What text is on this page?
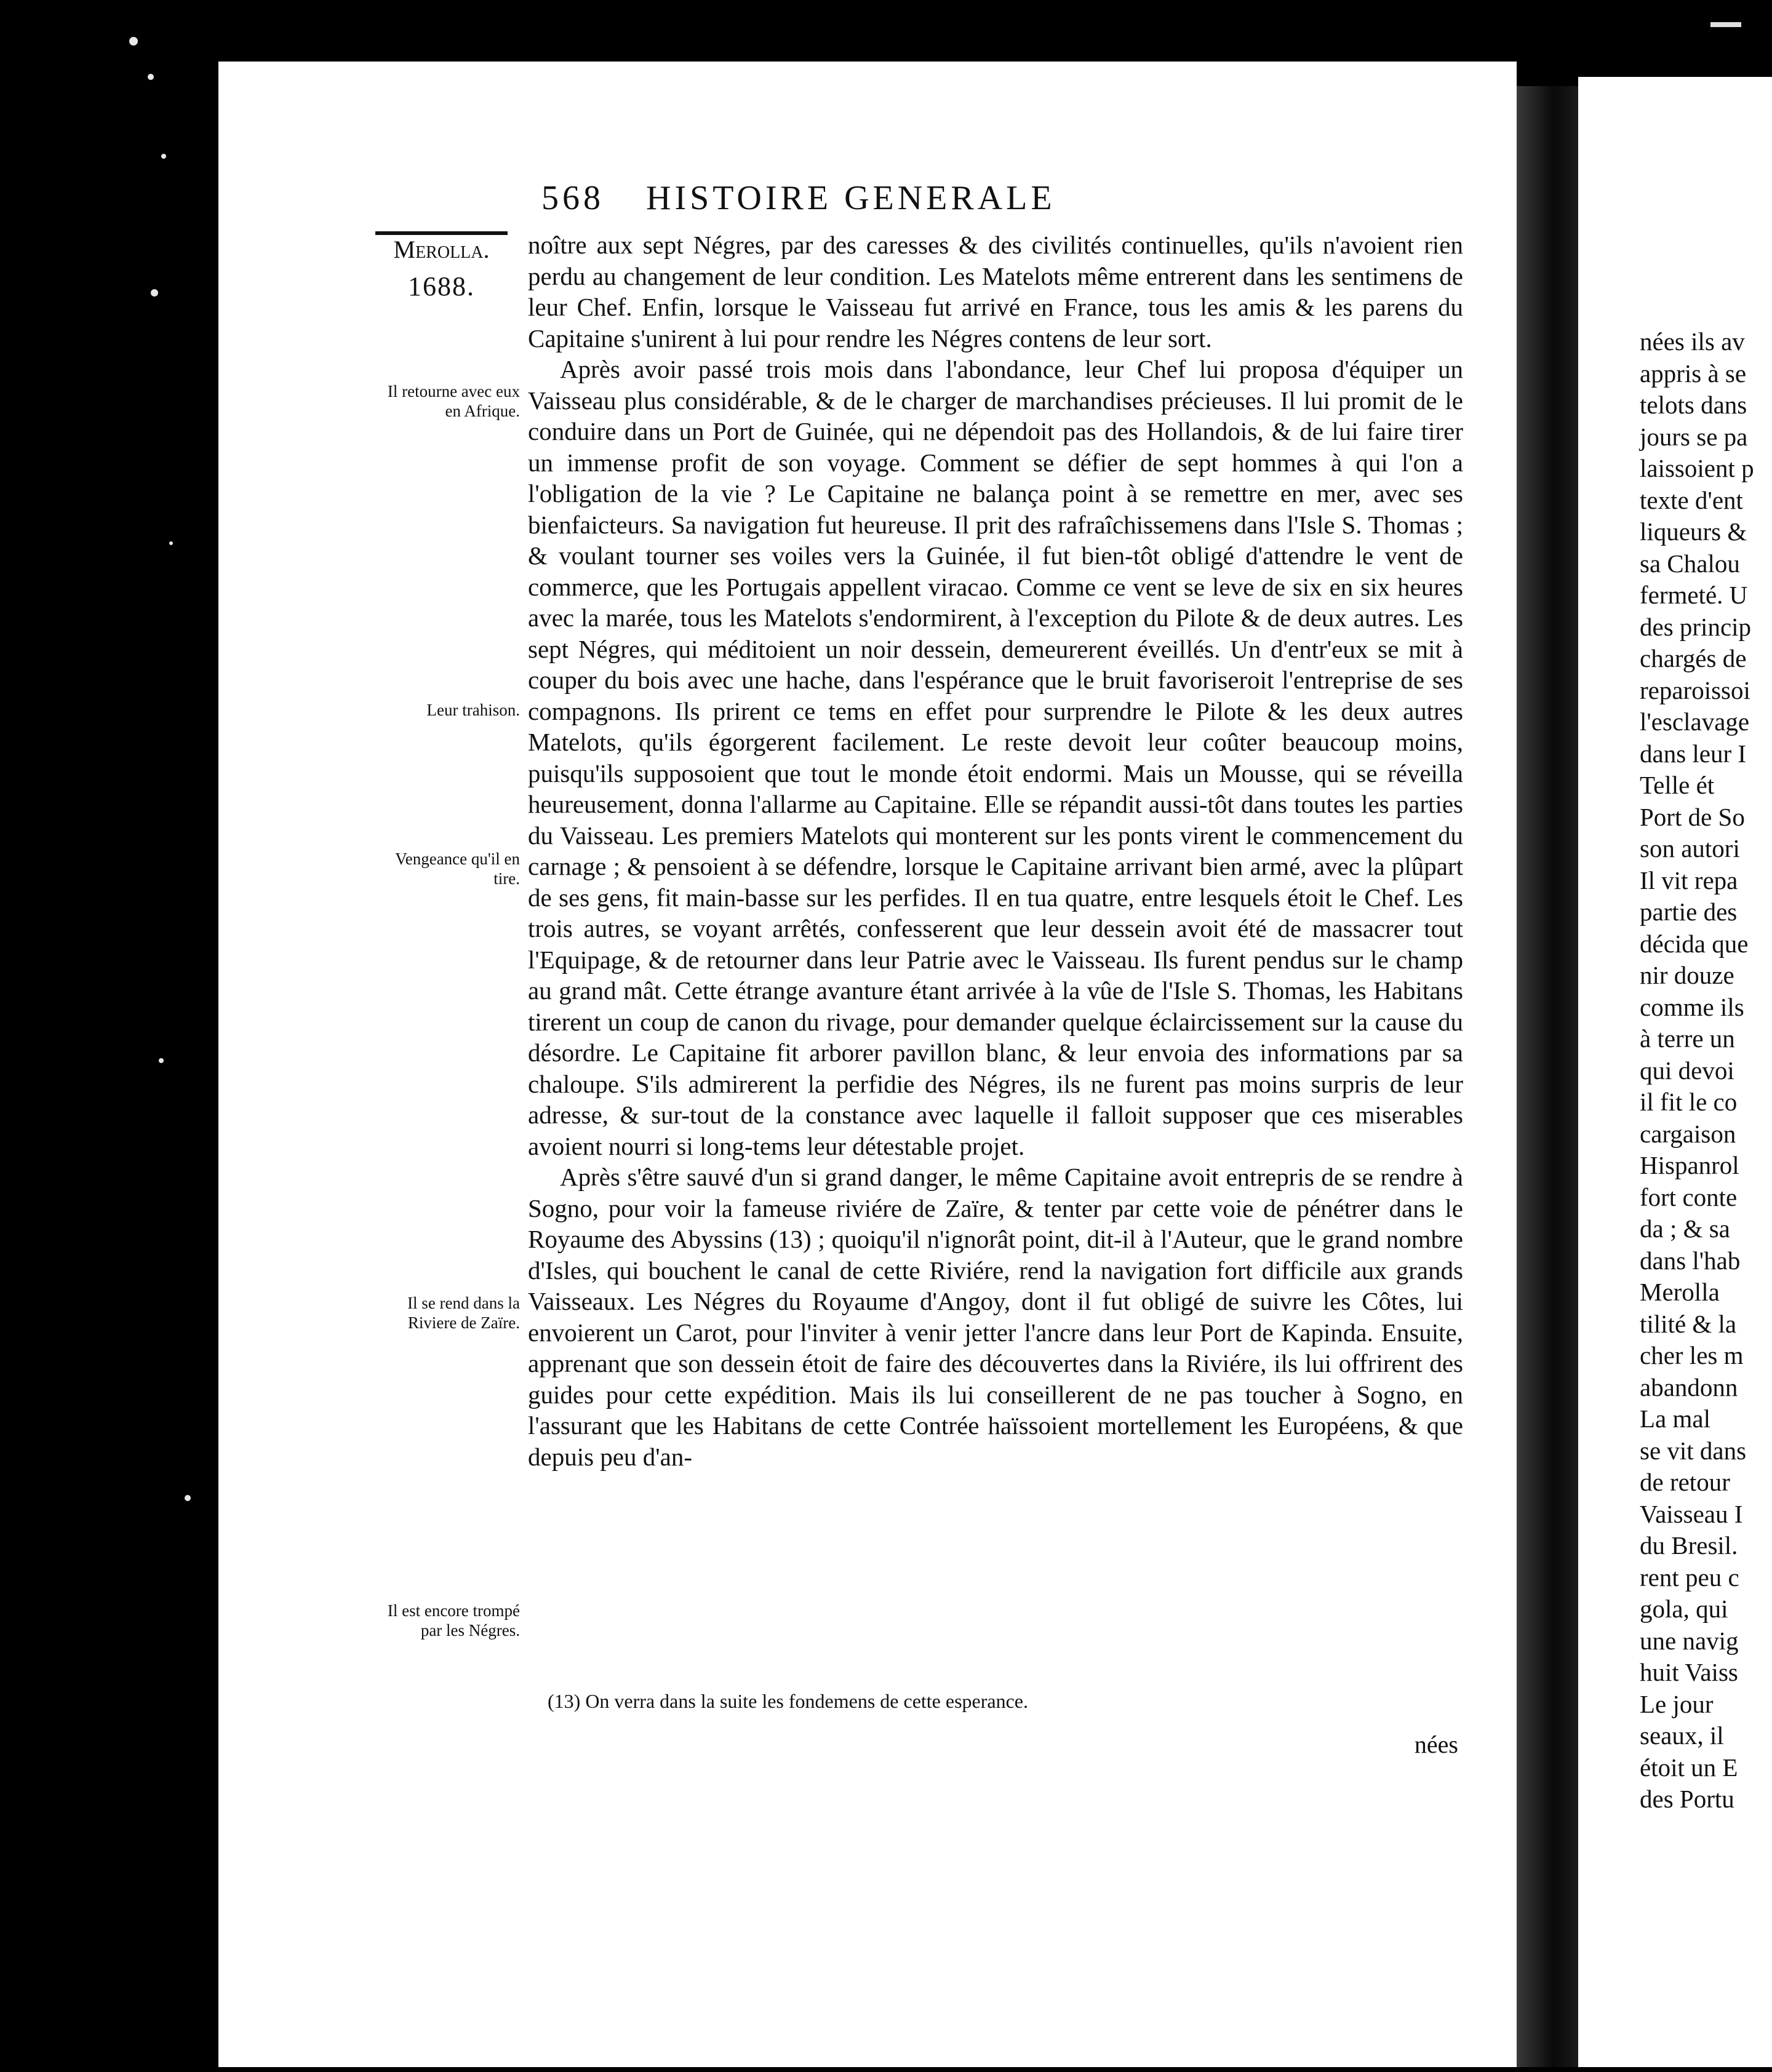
568 HISTOIRE GENERALE
Merolla.
1688.
Il retourne avec eux en Afrique.
Leur trahison.
Vengeance qu'il en tire.
Il se rend dans la Riviere de Zaïre.
Il est encore trompé par les Négres.

noître aux sept Négres, par des caresses & des civilités continuelles, qu'ils n'avoient rien perdu au changement de leur condition. Les Matelots même entrerent dans les sentimens de leur Chef. Enfin, lorsque le Vaisseau fut arrivé en France, tous les amis & les parens du Capitaine s'unirent à lui pour rendre les Négres contens de leur sort.

Après avoir passé trois mois dans l'abondance, leur Chef lui proposa d'équiper un Vaisseau plus considérable, & de le charger de marchandises précieuses. Il lui promit de le conduire dans un Port de Guinée, qui ne dépendoit pas des Hollandois, & de lui faire tirer un immense profit de son voyage. Comment se défier de sept hommes à qui l'on a l'obligation de la vie ? Le Capitaine ne balança point à se remettre en mer, avec ses bienfaicteurs. Sa navigation fut heureuse. Il prit des rafraîchissemens dans l'Isle S. Thomas ; & voulant tourner ses voiles vers la Guinée, il fut bien-tôt obligé d'attendre le vent de commerce, que les Portugais appellent viracao. Comme ce vent se leve de six en six heures avec la marée, tous les Matelots s'endormirent, à l'exception du Pilote & de deux autres. Les sept Négres, qui méditoient un noir dessein, demeurerent éveillés. Un d'entr'eux se mit à couper du bois avec une hache, dans l'espérance que le bruit favoriseroit l'entreprise de ses compagnons. Ils prirent ce tems en effet pour surprendre le Pilote & les deux autres Matelots, qu'ils égorgerent facilement. Le reste devoit leur coûter beaucoup moins, puisqu'ils supposoient que tout le monde étoit endormi. Mais un Mousse, qui se réveilla heureusement, donna l'allarme au Capitaine. Elle se répandit aussi-tôt dans toutes les parties du Vaisseau. Les premiers Matelots qui monterent sur les ponts virent le commencement du carnage ; & pensoient à se défendre, lorsque le Capitaine arrivant bien armé, avec la plûpart de ses gens, fit main-basse sur les perfides. Il en tua quatre, entre lesquels étoit le Chef. Les trois autres, se voyant arrêtés, confesserent que leur dessein avoit été de massacrer tout l'Equipage, & de retourner dans leur Patrie avec le Vaisseau. Ils furent pendus sur le champ au grand mât. Cette étrange avanture étant arrivée à la vûe de l'Isle S. Thomas, les Habitans tirerent un coup de canon du rivage, pour demander quelque éclaircissement sur la cause du désordre. Le Capitaine fit arborer pavillon blanc, & leur envoia des informations par sa chaloupe. S'ils admirerent la perfidie des Négres, ils ne furent pas moins surpris de leur adresse, & sur-tout de la constance avec laquelle il falloit supposer que ces miserables avoient nourri si long-tems leur détestable projet.

Après s'être sauvé d'un si grand danger, le même Capitaine avoit entrepris de se rendre à Sogno, pour voir la fameuse riviére de Zaïre, & tenter par cette voie de pénétrer dans le Royaume des Abyssins (13) ; quoiqu'il n'ignorât point, dit-il à l'Auteur, que le grand nombre d'Isles, qui bouchent le canal de cette Riviére, rend la navigation fort difficile aux grands Vaisseaux. Les Négres du Royaume d'Angoy, dont il fut obligé de suivre les Côtes, lui envoierent un Carot, pour l'inviter à venir jetter l'ancre dans leur Port de Kapinda. Ensuite, apprenant que son dessein étoit de faire des découvertes dans la Riviére, ils lui offrirent des guides pour cette expédition. Mais ils lui conseillerent de ne pas toucher à Sogno, en l'assurant que les Habitans de cette Contrée haïssoient mortellement les Européens, & que depuis peu d'an-

(13) On verra dans la suite les fondemens de cette esperance.
nées
nées ils av
appris à se
telots dans
jours se pa
laissoient p
texte d'ent
liqueurs &
sa Chalou
fermeté. U
des princip
chargés de
reparoissoi
l'esclavage
dans leur I
Telle ét
Port de So
son autori
Il vit repa
partie des
décida que
nir douze
comme ils
à terre un
qui devoi
il fit le co
cargaison
Hispanrol
fort conte
da ; & sa
dans l'hab
Merolla
tilité & la
cher les m
abandonn
La mal
se vit dans
de retour
Vaisseau I
du Bresil.
rent peu c
gola, qui
une navig
huit Vaiss
Le jour
seaux, il
étoit un E
des Portu
